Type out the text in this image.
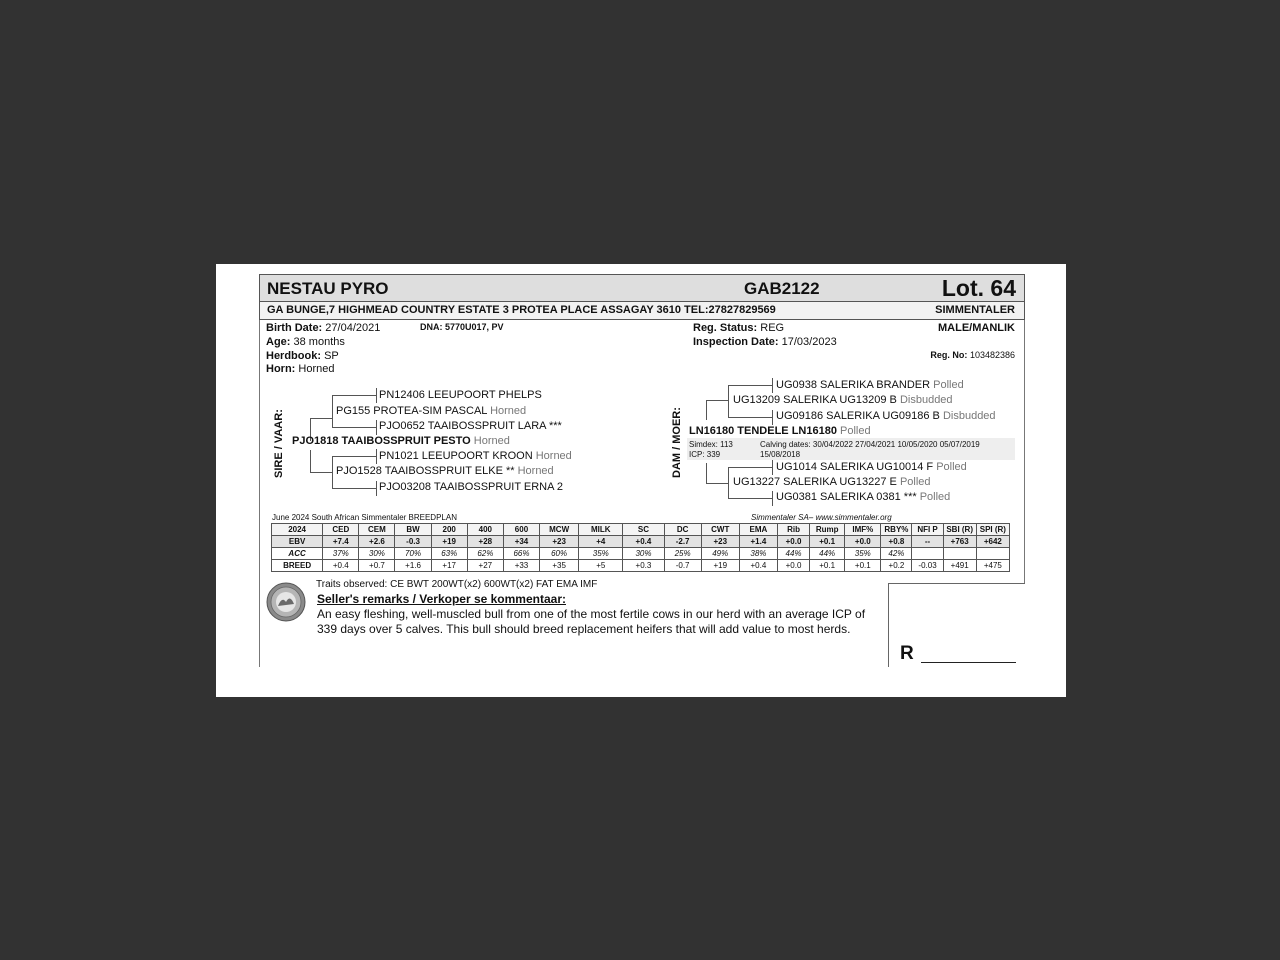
NESTAU PYRO	GAB2122	Lot. 64
GA BUNGE,7 HIGHMEAD COUNTRY ESTATE 3 PROTEA PLACE ASSAGAY 3610 TEL:27827829569	SIMMENTALER
Birth Date: 27/04/2021	DNA: 5770U017, PV
Age: 38 months
Herdbook: SP
Horn: Horned
Reg. Status: REG
Inspection Date: 17/03/2023
MALE/MANLIK
Reg. No: 103482386
SIRE / VAAR:
PN12406 LEEUPOORT PHELPS
PG155 PROTEA-SIM PASCAL Horned
PJO0652 TAAIBOSSPRUIT LARA ***
PJO1818 TAAIBOSSPRUIT PESTO Horned
PN1021 LEEUPOORT KROON Horned
PJO1528 TAAIBOSSPRUIT ELKE ** Horned
PJO03208 TAAIBOSSPRUIT ERNA 2
DAM / MOER: Simdex: 113
ICP: 339
Calving dates: 30/04/2022 27/04/2021 10/05/2020 05/07/2019
15/08/2018
UG0938 SALERIKA BRANDER Polled
UG13209 SALERIKA UG13209 B Disbudded
UG09186 SALERIKA UG09186 B Disbudded
LN16180 TENDELE LN16180 Polled
UG1014 SALERIKA UG10014 F Polled
UG13227 SALERIKA UG13227 E Polled
UG0381 SALERIKA 0381 *** Polled
June 2024 South African Simmentaler BREEDPLAN	Simmentaler SA– www.simmentaler.org
2024	CED	CEM	BW	200	400	600	MCW	MILK	SC	DC	CWT	EMA	Rib	Rump	IMF%	RBY%	NFI P	SBI (R)	SPI (R)
EBV	+7.4	+2.6	-0.3	+19	+28	+34	+23	+4	+0.4	-2.7	+23	+1.4	+0.0	+0.1	+0.0	+0.8	--	+763	+642
ACC	37%	30%	70%	63%	62%	66%	60%	35%	30%	25%	49%	38%	44%	44%	35%	42%			
BREED	+0.4	+0.7	+1.6	+17	+27	+33	+35	+5	+0.3	-0.7	+19	+0.4	+0.0	+0.1	+0.1	+0.2	-0.03	+491	+475
Traits observed: CE BWT 200WT(x2) 600WT(x2) FAT EMA IMF
Seller's remarks / Verkoper se kommentaar:
An easy fleshing, well-muscled bull from one of the most fertile cows in our herd with an average ICP of 339 days over 5 calves. This bull should breed replacement heifers that will add value to most herds.
R
